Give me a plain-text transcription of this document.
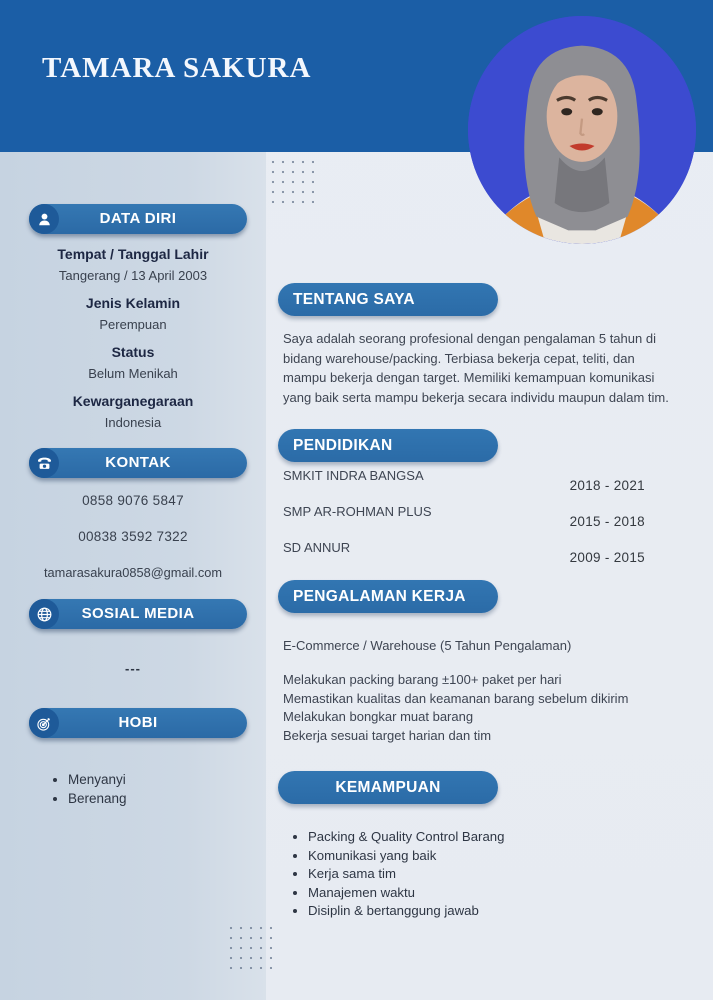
TAMARA SAKURA
DATA DIRI
Tempat / Tanggal Lahir
Tangerang / 13 April 2003
Jenis Kelamin
Perempuan
Status
Belum Menikah
Kewarganegaraan
Indonesia
KONTAK
0858 9076 5847
00838 3592 7322
tamarasakura0858@gmail.com
SOSIAL MEDIA
---
HOBI
• Menyanyi
• Berenang
TENTANG SAYA
Saya adalah seorang profesional dengan pengalaman 5 tahun di bidang warehouse/packing. Terbiasa bekerja cepat, teliti, dan mampu bekerja dengan target. Memiliki kemampuan komunikasi yang baik serta mampu bekerja secara individu maupun dalam tim.
PENDIDIKAN
SMKIT INDRA BANGSA
2018 - 2021
SMP AR-ROHMAN PLUS
2015 - 2018
SD ANNUR
2009 - 2015
PENGALAMAN KERJA
E-Commerce / Warehouse (5 Tahun Pengalaman)
Melakukan packing barang ±100+ paket per hari
Memastikan kualitas dan keamanan barang sebelum dikirim
Melakukan bongkar muat barang
Bekerja sesuai target harian dan tim
KEMAMPUAN
• Packing & Quality Control Barang
• Komunikasi yang baik
• Kerja sama tim
• Manajemen waktu
• Disiplin & bertanggung jawab
